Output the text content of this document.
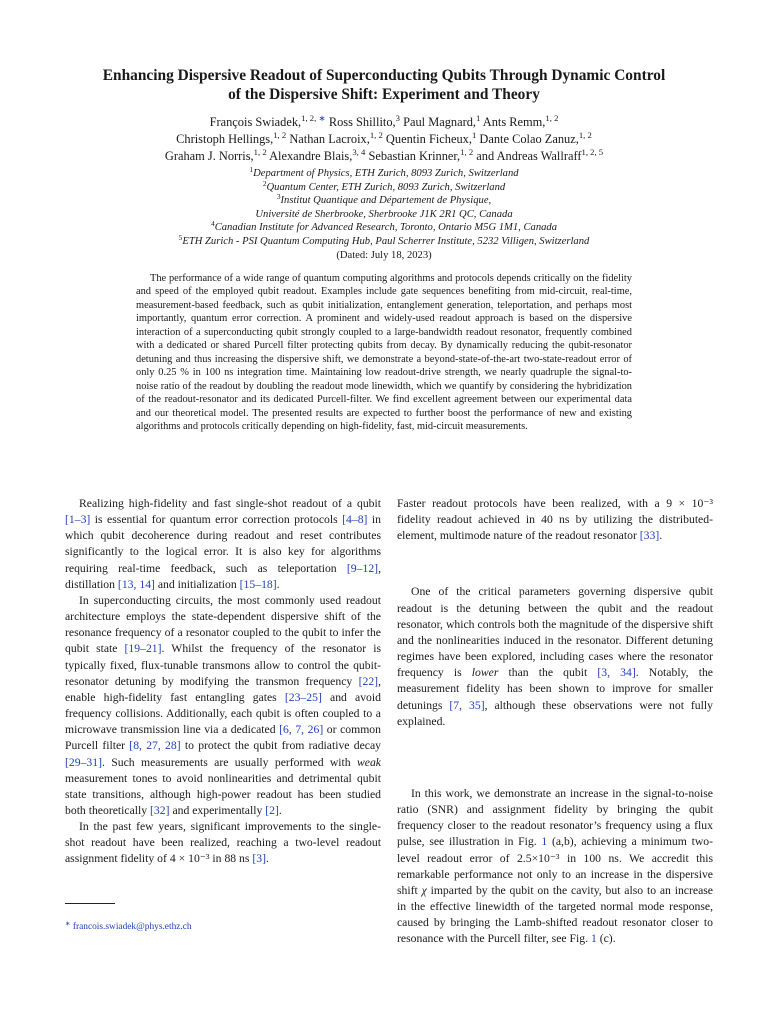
Enhancing Dispersive Readout of Superconducting Qubits Through Dynamic Control
of the Dispersive Shift: Experiment and Theory
François Swiadek,$^{1, 2,}$ ∗ Ross Shillito,$^3$ Paul Magnard,$^1$ Ants Remm,$^{1, 2}$
Christoph Hellings,$^{1, 2}$ Nathan Lacroix,$^{1, 2}$ Quentin Ficheux,$^1$ Dante Colao Zanuz,$^{1, 2}$
Graham J. Norris,$^{1, 2}$ Alexandre Blais,$^{3, 4}$ Sebastian Krinner,$^{1, 2}$ and Andreas Wallraff$^{1, 2, 5}$
$^1$Department of Physics, ETH Zurich, 8093 Zurich, Switzerland
$^2$Quantum Center, ETH Zurich, 8093 Zurich, Switzerland
$^3$Institut Quantique and Département de Physique,
Université de Sherbrooke, Sherbrooke J1K 2R1 QC, Canada
$^4$Canadian Institute for Advanced Research, Toronto, Ontario M5G 1M1, Canada
$^5$ETH Zurich - PSI Quantum Computing Hub, Paul Scherrer Institute, 5232 Villigen, Switzerland
(Dated: July 18, 2023)

The performance of a wide range of quantum computing algorithms and protocols depends critically on the fidelity and speed of the employed qubit readout. Examples include gate sequences benefiting from mid-circuit, real-time, measurement-based feedback, such as qubit initialization, entanglement generation, teleportation, and perhaps most importantly, quantum error correction. A prominent and widely-used readout approach is based on the dispersive interaction of a superconducting qubit strongly coupled to a large-bandwidth readout resonator, frequently combined with a dedicated or shared Purcell filter protecting qubits from decay. By dynamically reducing the qubit-resonator detuning and thus increasing the dispersive shift, we demonstrate a beyond-state-of-the-art two-state-readout error of only 0.25 % in 100 ns integration time. Maintaining low readout-drive strength, we nearly quadruple the signal-to-noise ratio of the readout by doubling the readout mode linewidth, which we quantify by considering the hybridization of the readout-resonator and its dedicated Purcell-filter. We find excellent agreement between our experimental data and our theoretical model. The presented results are expected to further boost the performance of new and existing algorithms and protocols critically depending on high-fidelity, fast, mid-circuit measurements.

Realizing high-fidelity and fast single-shot readout of a qubit [1–3] is essential for quantum error correction protocols [4–8] in which qubit decoherence during readout and reset contributes significantly to the logical error. It is also key for algorithms requiring real-time feedback, such as teleportation [9–12], distillation [13, 14] and initialization [15–18].

In superconducting circuits, the most commonly used readout architecture employs the state-dependent dispersive shift of the resonance frequency of a resonator coupled to the qubit to infer the qubit state [19–21]. Whilst the frequency of the resonator is typically fixed, flux-tunable transmons allow to control the qubit-resonator detuning by modifying the transmon frequency [22], enable high-fidelity fast entangling gates [23–25] and avoid frequency collisions. Additionally, each qubit is often coupled to a microwave transmission line via a dedicated [6, 7, 26] or common Purcell filter [8, 27, 28] to protect the qubit from radiative decay [29–31]. Such measurements are usually performed with weak measurement tones to avoid nonlinearities and detrimental qubit state transitions, although high-power readout has been studied both theoretically [32] and experimentally [2].

In the past few years, significant improvements to the single-shot readout have been realized, reaching a two-level readout assignment fidelity of 4 × 10⁻³ in 88 ns [3].

Faster readout protocols have been realized, with a 9 × 10⁻³ fidelity readout achieved in 40 ns by utilizing the distributed-element, multimode nature of the readout resonator [33].

One of the critical parameters governing dispersive qubit readout is the detuning between the qubit and the readout resonator, which controls both the magnitude of the dispersive shift and the nonlinearities induced in the resonator. Different detuning regimes have been explored, including cases where the resonator frequency is lower than the qubit [3, 34]. Notably, the measurement fidelity has been shown to improve for smaller detunings [7, 35], although these observations were not fully explained.

In this work, we demonstrate an increase in the signal-to-noise ratio (SNR) and assignment fidelity by bringing the qubit frequency closer to the readout resonator’s frequency using a flux pulse, see illustration in Fig. 1 (a,b), achieving a minimum two-level readout error of 2.5×10⁻³ in 100 ns. We accredit this remarkable performance not only to an increase in the dispersive shift χ imparted by the qubit on the cavity, but also to an increase in the effective linewidth of the targeted normal mode response, caused by bringing the Lamb-shifted readout resonator closer to resonance with the Purcell filter, see Fig. 1 (c).

∗ francois.swiadek@phys.ethz.ch
